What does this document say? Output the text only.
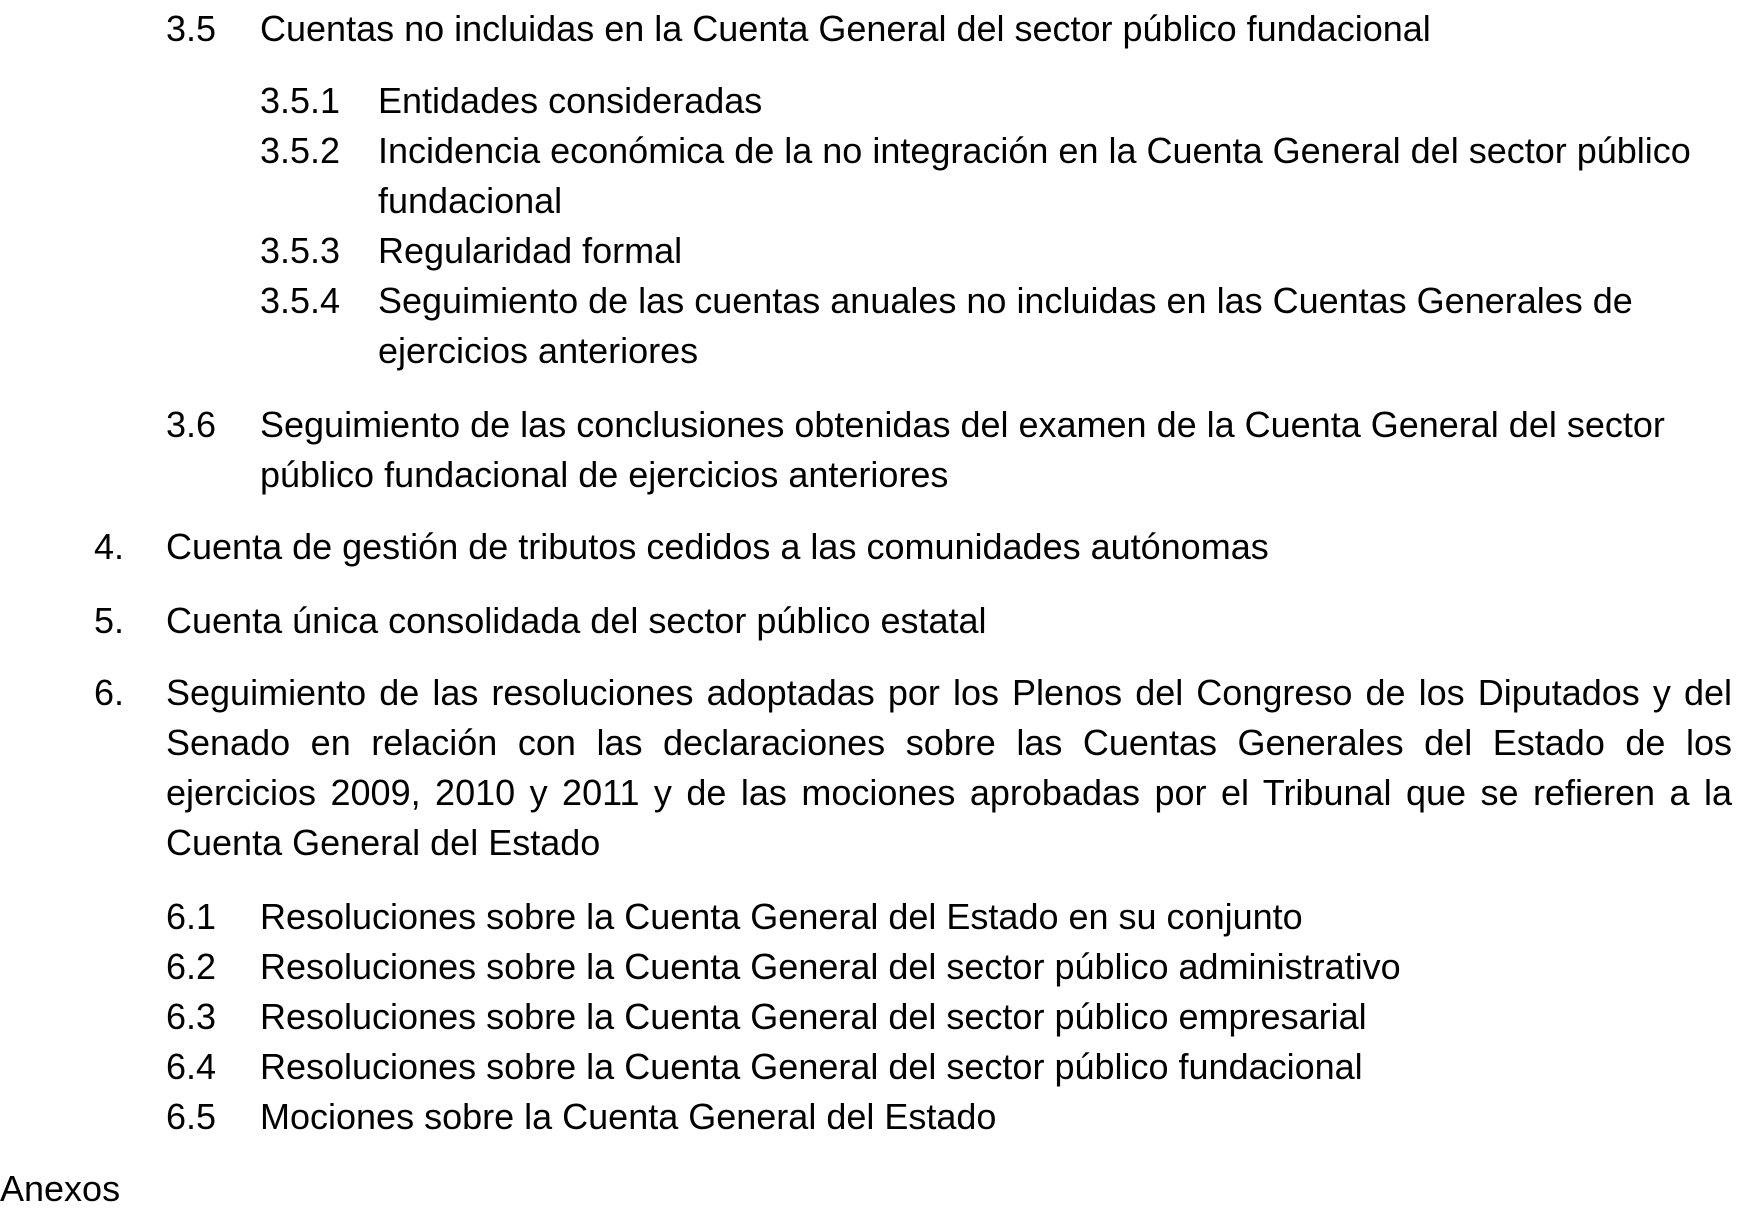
3.5	Cuentas no incluidas en la Cuenta General del sector público fundacional
3.5.1	Entidades consideradas
3.5.2	Incidencia económica de la no integración en la Cuenta General del sector público fundacional
3.5.3	Regularidad formal
3.5.4	Seguimiento de las cuentas anuales no incluidas en las Cuentas Generales de ejercicios anteriores
3.6	Seguimiento de las conclusiones obtenidas del examen de la Cuenta General del sector público fundacional de ejercicios anteriores
4.	Cuenta de gestión de tributos cedidos a las comunidades autónomas
5.	Cuenta única consolidada del sector público estatal
6.	Seguimiento de las resoluciones adoptadas por los Plenos del Congreso de los Diputados y del Senado en relación con las declaraciones sobre las Cuentas Generales del Estado de los ejercicios 2009, 2010 y 2011 y de las mociones aprobadas por el Tribunal que se refieren a la Cuenta General del Estado
6.1	Resoluciones sobre la Cuenta General del Estado en su conjunto
6.2	Resoluciones sobre la Cuenta General del sector público administrativo
6.3	Resoluciones sobre la Cuenta General del sector público empresarial
6.4	Resoluciones sobre la Cuenta General del sector público fundacional
6.5	Mociones sobre la Cuenta General del Estado
Anexos
